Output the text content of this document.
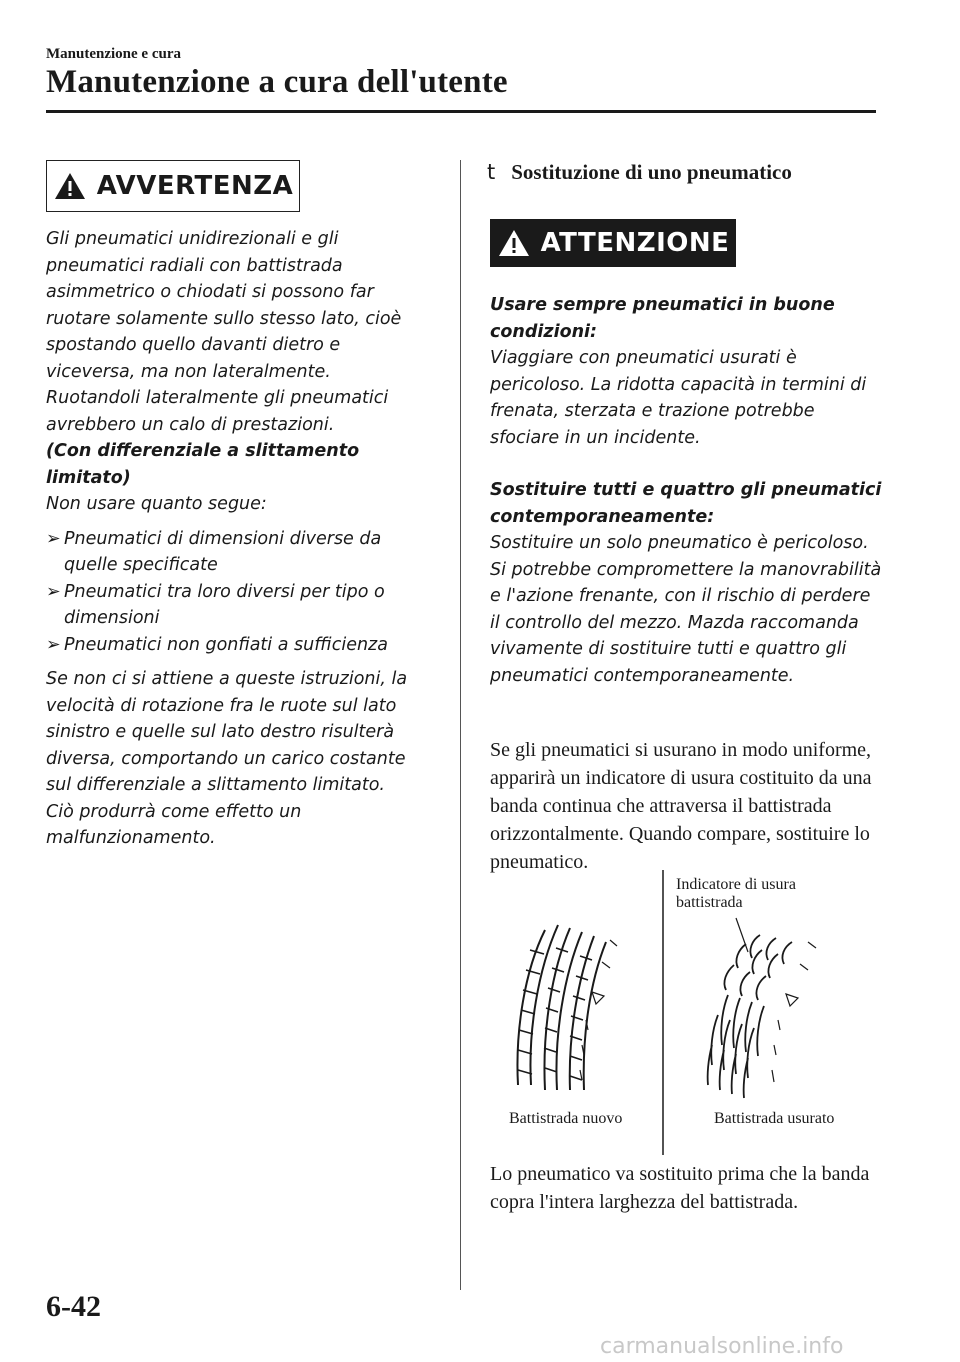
Manutenzione e cura
Manutenzione a cura dell'utente
AVVERTENZA

Gli pneumatici unidirezionali e gli pneumatici radiali con battistrada asimmetrico o chiodati si possono far ruotare solamente sullo stesso lato, cioè spostando quello davanti dietro e viceversa, ma non lateralmente. Ruotandoli lateralmente gli pneumatici avrebbero un calo di prestazioni.

(Con differenziale a slittamento limitato)

Non usare quanto segue:

➢ Pneumatici di dimensioni diverse da quelle specificate
➢ Pneumatici tra loro diversi per tipo o dimensioni
➢ Pneumatici non gonfiati a sufficienza

Se non ci si attiene a queste istruzioni, la velocità di rotazione fra le ruote sul lato sinistro e quelle sul lato destro risulterà diversa, comportando un carico costante sul differenziale a slittamento limitato. Ciò produrrà come effetto un malfunzionamento.

t Sostituzione di uno pneumatico
ATTENZIONE

Usare sempre pneumatici in buone condizioni:

Viaggiare con pneumatici usurati è pericoloso. La ridotta capacità in termini di frenata, sterzata e trazione potrebbe sfociare in un incidente.

Sostituire tutti e quattro gli pneumatici contemporaneamente:

Sostituire un solo pneumatico è pericoloso. Si potrebbe compromettere la manovrabilità e l'azione frenante, con il rischio di perdere il controllo del mezzo. Mazda raccomanda vivamente di sostituire tutti e quattro gli pneumatici contemporaneamente.

Se gli pneumatici si usurano in modo uniforme, apparirà un indicatore di usura costituito da una banda continua che attraversa il battistrada orizzontalmente. Quando compare, sostituire lo pneumatico.

Indicatore di usura
battistrada
Battistrada nuovo	Battistrada usurato

Lo pneumatico va sostituito prima che la banda copra l'intera larghezza del battistrada.

6-42
carmanualsonline.info
